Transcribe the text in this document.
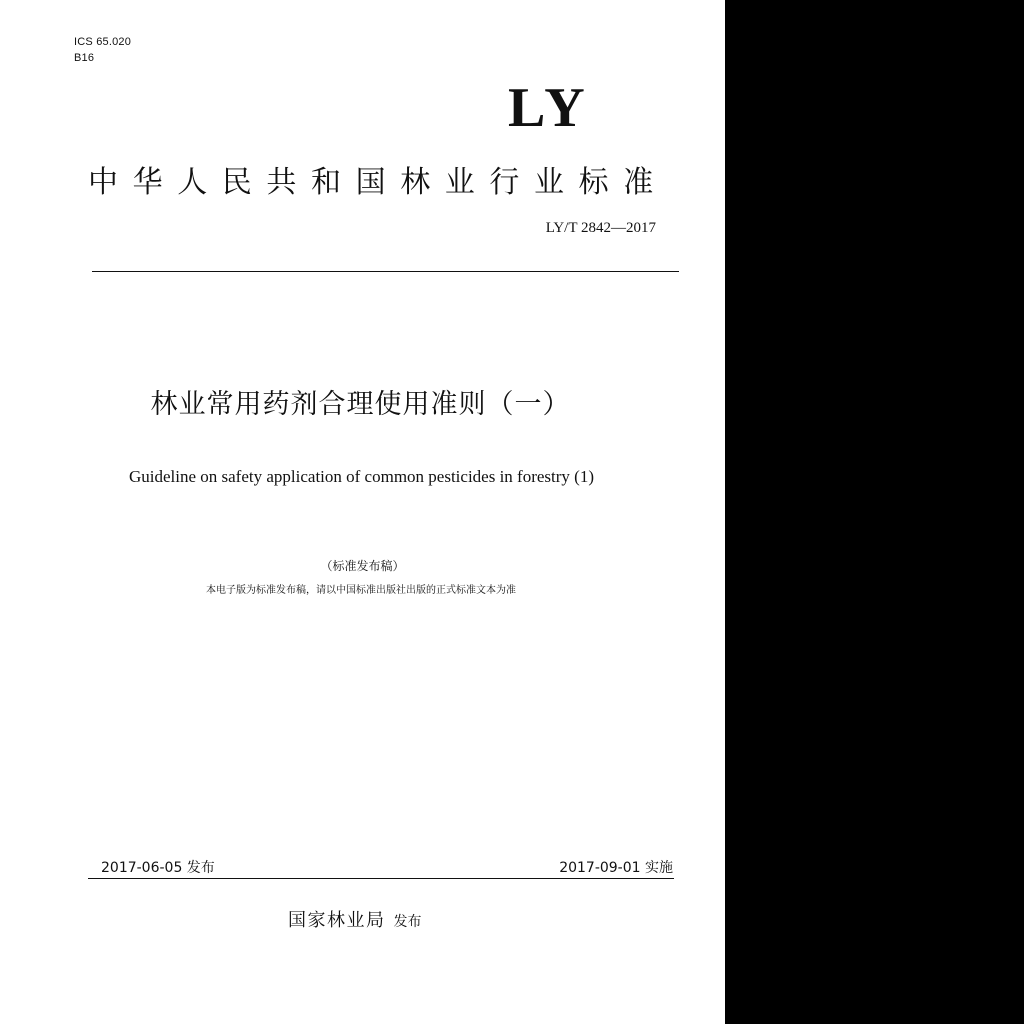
ICS 65.020
B16
LY
中华人民共和国林业行业标准
LY/T 2842—2017
林业常用药剂合理使用准则（一）
Guideline on safety application of common pesticides in forestry (1)
（标准发布稿）
本电子版为标准发布稿，请以中国标准出版社出版的正式标准文本为准
2017-06-05 发布	2017-09-01 实施
国家林业局 发布
